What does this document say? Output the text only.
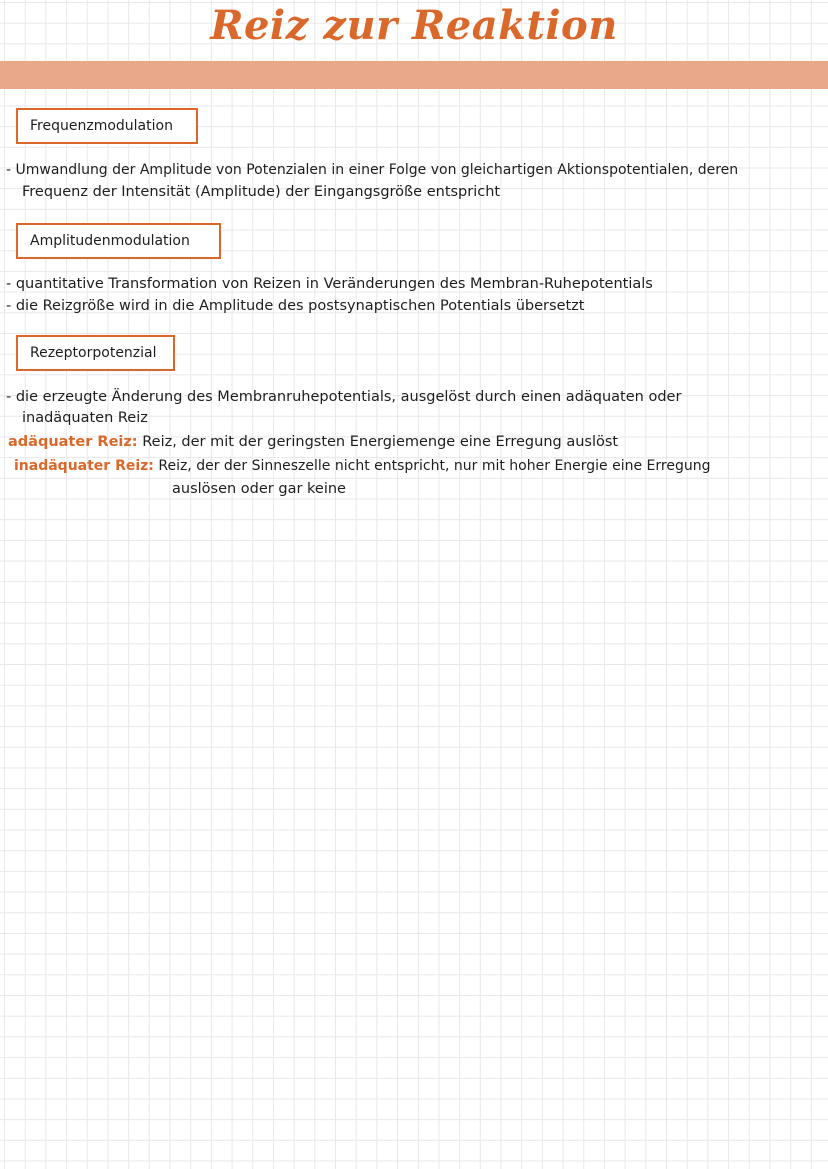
Reiz zur Reaktion
Frequenzmodulation
- Umwandlung der Amplitude von Potenzialen in einer Folge von gleichartigen Aktionspotentialen, deren
Frequenz der Intensität (Amplitude) der Eingangsgröße entspricht
Amplitudenmodulation
- quantitative Transformation von Reizen in Veränderungen des Membran-Ruhepotentials
- die Reizgröße wird in die Amplitude des postsynaptischen Potentials übersetzt
Rezeptorpotenzial
- die erzeugte Änderung des Membranruhepotentials, ausgelöst durch einen adäquaten oder
inadäquaten Reiz
adäquater Reiz: Reiz, der mit der geringsten Energiemenge eine Erregung auslöst
inadäquater Reiz: Reiz, der der Sinneszelle nicht entspricht, nur mit hoher Energie eine Erregung
auslösen oder gar keine
